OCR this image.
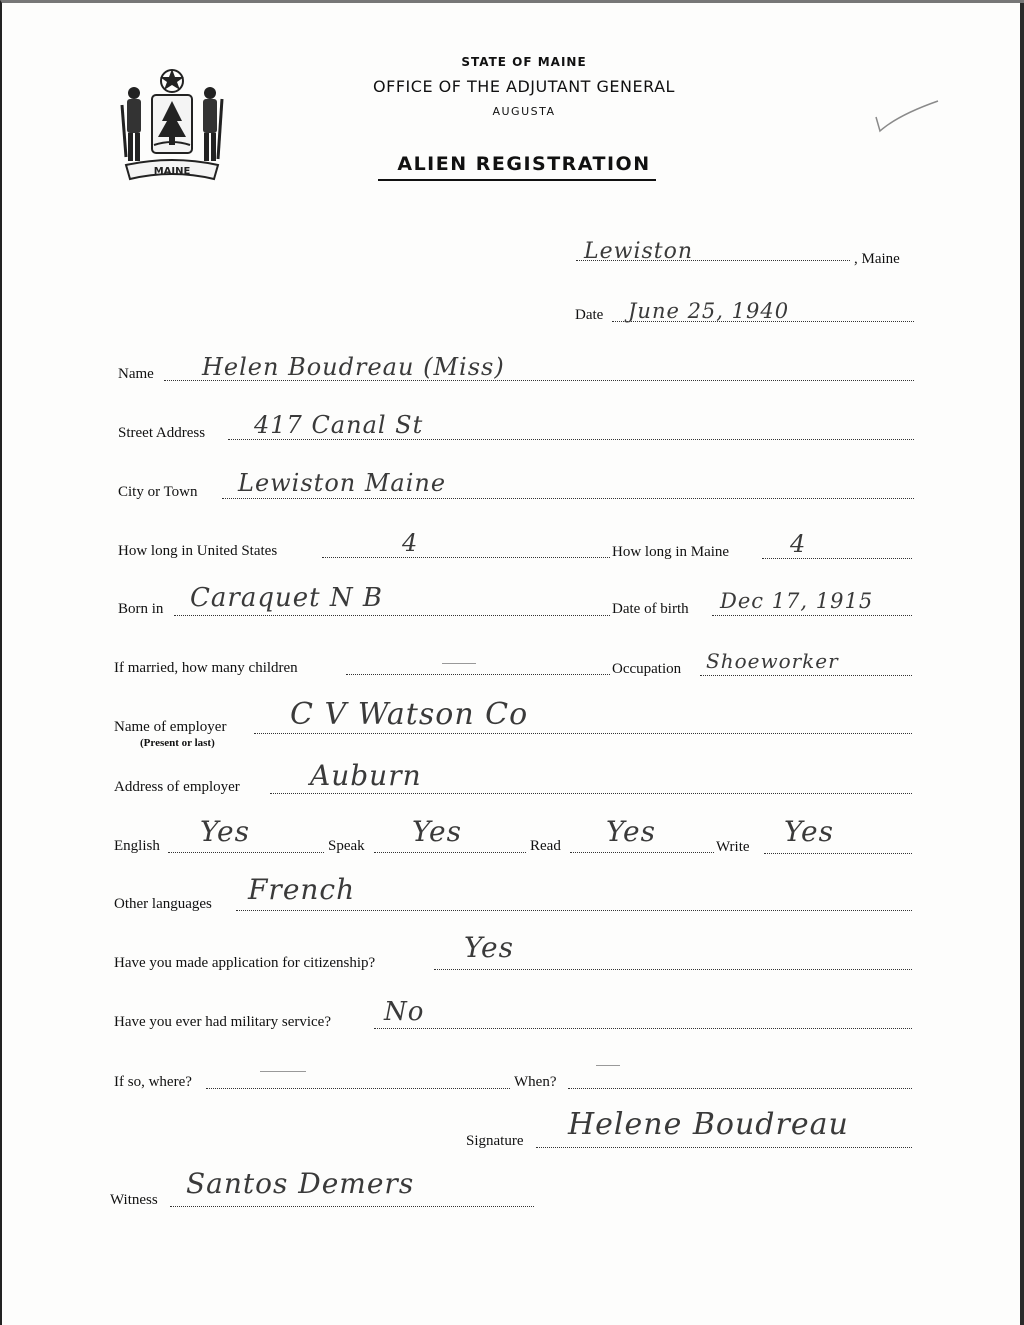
MAINE
STATE OF MAINE
OFFICE OF THE ADJUTANT GENERAL
AUGUSTA
ALIEN REGISTRATION
Lewiston	, Maine
Date June 25, 1940
Name Helen Boudreau (Miss)
Street Address 417 Canal St
City or Town Lewiston Maine
How long in United States	4	How long in Maine	4
Born in Caraquet N B	Date of birth Dec 17, 1915
If married, how many children	Occupation Shoeworker
Name of employer
(Present or last)
C V Watson Co
Address of employer	Auburn
English Yes	Speak Yes	Read Yes	Write Yes
Other languages French
Have you made application for citizenship?	Yes
Have you ever had military service? No
If so, where?	When?
Signature Helene Boudreau
Witness Santos Demers
